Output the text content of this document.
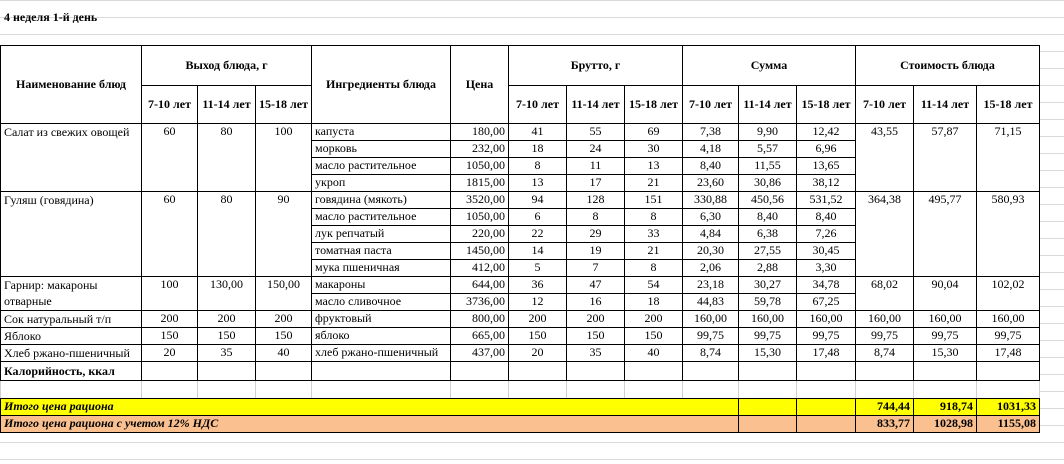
4 неделя 1-й день
Наименование блюд	Выход блюда, г			Ингредиенты блюда	Цена	Брутто, г			Сумма			Стоимость блюда		
	7-10 лет	11-14 лет	15-18 лет			7-10 лет	11-14 лет	15-18 лет	7-10 лет	11-14 лет	15-18 лет	7-10 лет	11-14 лет	15-18 лет
Салат из свежих овощей	60	80	100	капуста	180,00	41	55	69	7,38	9,90	12,42	43,55	57,87	71,15
				морковь	232,00	18	24	30	4,18	5,57	6,96			
				масло растительное	1050,00	8	11	13	8,40	11,55	13,65			
				укроп	1815,00	13	17	21	23,60	30,86	38,12			
Гуляш (говядина)	60	80	90	говядина (мякоть)	3520,00	94	128	151	330,88	450,56	531,52	364,38	495,77	580,93
				масло растительное	1050,00	6	8	8	6,30	8,40	8,40			
				лук репчатый	220,00	22	29	33	4,84	6,38	7,26			
				томатная паста	1450,00	14	19	21	20,30	27,55	30,45			
				мука пшеничная	412,00	5	7	8	2,06	2,88	3,30			
Гарнир: макароны отварные	100	130,00	150,00	макароны	644,00	36	47	54	23,18	30,27	34,78	68,02	90,04	102,02
				масло сливочное	3736,00	12	16	18	44,83	59,78	67,25			
Сок натуральный т/п	200	200	200	фруктовый	800,00	200	200	200	160,00	160,00	160,00	160,00	160,00	160,00
Яблоко	150	150	150	яблоко	665,00	150	150	150	99,75	99,75	99,75	99,75	99,75	99,75
Хлеб ржано-пшеничный	20	35	40	хлеб ржано-пшеничный	437,00	20	35	40	8,74	15,30	17,48	8,74	15,30	17,48
Калорийность, ккал														

Итого цена рациона												744,44	918,74	1031,33
Итого цена рациона с учетом 12% НДС												833,77	1028,98	1155,08
